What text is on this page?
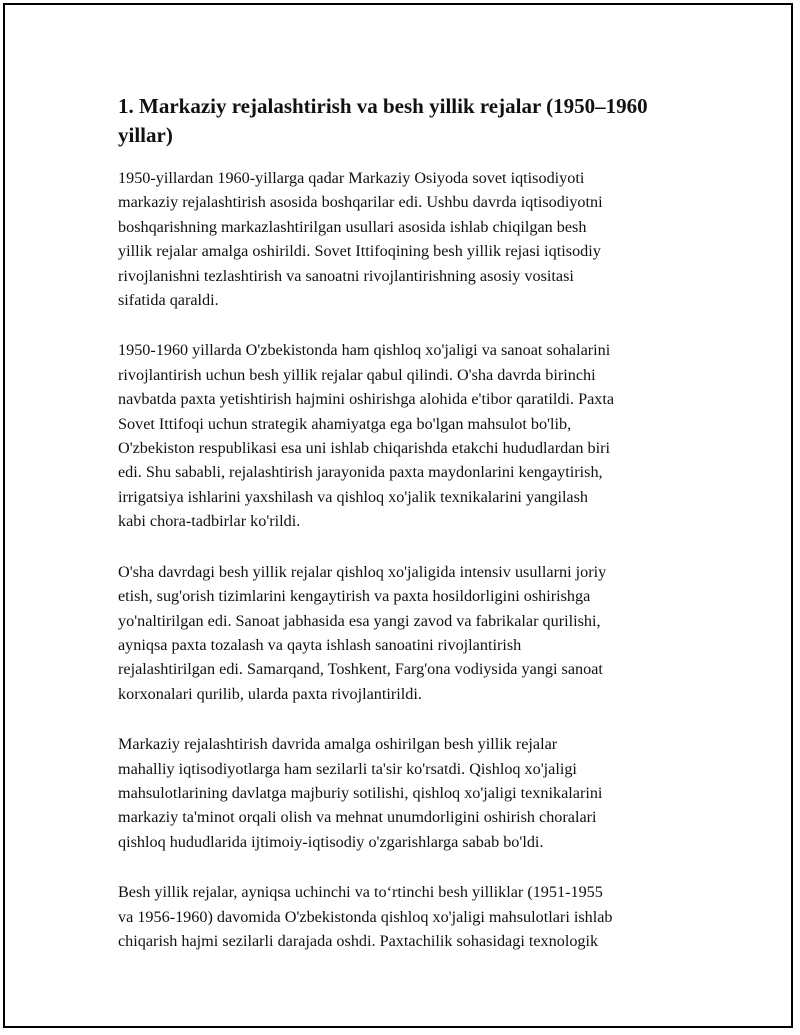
1. Markaziy rejalashtirish va besh yillik rejalar (1950–1960
yillar)

1950-yillardan 1960-yillarga qadar Markaziy Osiyoda sovet iqtisodiyoti
markaziy rejalashtirish asosida boshqarilar edi. Ushbu davrda iqtisodiyotni
boshqarishning markazlashtirilgan usullari asosida ishlab chiqilgan besh
yillik rejalar amalga oshirildi. Sovet Ittifoqining besh yillik rejasi iqtisodiy
rivojlanishni tezlashtirish va sanoatni rivojlantirishning asosiy vositasi
sifatida qaraldi.

1950-1960 yillarda O'zbekistonda ham qishloq xo'jaligi va sanoat sohalarini
rivojlantirish uchun besh yillik rejalar qabul qilindi. O'sha davrda birinchi
navbatda paxta yetishtirish hajmini oshirishga alohida e'tibor qaratildi. Paxta
Sovet Ittifoqi uchun strategik ahamiyatga ega bo'lgan mahsulot bo'lib,
O'zbekiston respublikasi esa uni ishlab chiqarishda etakchi hududlardan biri
edi. Shu sababli, rejalashtirish jarayonida paxta maydonlarini kengaytirish,
irrigatsiya ishlarini yaxshilash va qishloq xo'jalik texnikalarini yangilash
kabi chora-tadbirlar ko'rildi.

O'sha davrdagi besh yillik rejalar qishloq xo'jaligida intensiv usullarni joriy
etish, sug'orish tizimlarini kengaytirish va paxta hosildorligini oshirishga
yo'naltirilgan edi. Sanoat jabhasida esa yangi zavod va fabrikalar qurilishi,
ayniqsa paxta tozalash va qayta ishlash sanoatini rivojlantirish
rejalashtirilgan edi. Samarqand, Toshkent, Farg'ona vodiysida yangi sanoat
korxonalari qurilib, ularda paxta rivojlantirildi.

Markaziy rejalashtirish davrida amalga oshirilgan besh yillik rejalar
mahalliy iqtisodiyotlarga ham sezilarli ta'sir ko'rsatdi. Qishloq xo'jaligi
mahsulotlarining davlatga majburiy sotilishi, qishloq xo'jaligi texnikalarini
markaziy ta'minot orqali olish va mehnat unumdorligini oshirish choralari
qishloq hududlarida ijtimoiy-iqtisodiy o'zgarishlarga sabab bo'ldi.

Besh yillik rejalar, ayniqsa uchinchi va to‘rtinchi besh yilliklar (1951-1955
va 1956-1960) davomida O'zbekistonda qishloq xo'jaligi mahsulotlari ishlab
chiqarish hajmi sezilarli darajada oshdi. Paxtachilik sohasidagi texnologik
